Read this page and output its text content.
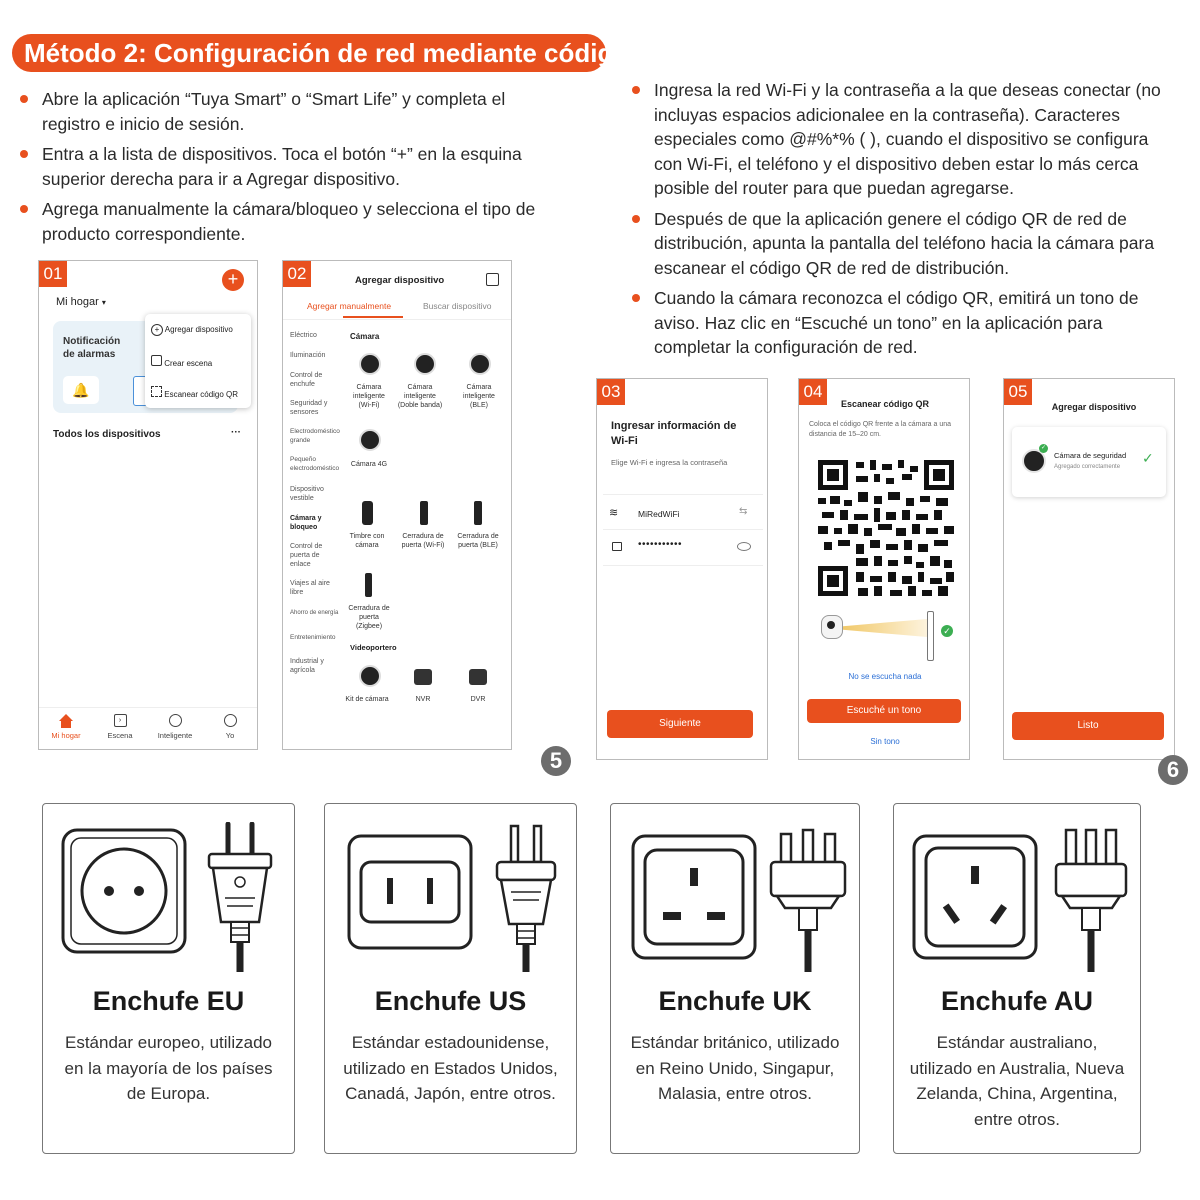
Método 2: Configuración de red mediante código QR
Abre la aplicación “Tuya Smart” o “Smart Life” y completa el registro e inicio de sesión.
Entra a la lista de dispositivos. Toca el botón “+” en la esquina superior derecha para ir a Agregar dispositivo.
Agrega manualmente la cámara/bloqueo y selecciona el tipo de producto correspondiente.
Ingresa la red Wi-Fi y la contraseña a la que deseas conectar (no incluyas espacios adicionalee en la contraseña). Caracteres especiales como @#%*% ( ), cuando el dispositivo se configura con Wi-Fi, el teléfono y el dispositivo deben estar lo más cerca posible del router para que puedan agregarse.
Después de que la aplicación genere el código QR de red de distribución, apunta la pantalla del teléfono hacia la cámara para escanear el código QR de red de distribución.
Cuando la cámara reconozca el código QR, emitirá un tono de aviso. Haz clic en “Escuché un tono” en la aplicación para completar la configuración de red.
01	+
Mi hogar ▾
Notificación de alarmas
🔔
+ Agregar dispositivo
Crear escena
Escanear código QR
Todos los dispositivos	···
Mi hogar
›
Escena	Inteligente	Yo
02	Agregar dispositivo
Agregar manualmente	Buscar dispositivo
Eléctrico
Iluminación
Control de enchufe
Seguridad y sensores
Electrodoméstico grande
Pequeño electrodoméstico
Dispositivo vestible
Cámara y bloqueo
Control de puerta de enlace
Viajes al aire libre
Ahorro de energía
Entretenimiento
Industrial y agrícola
Cámara
Cámara inteligente (Wi-Fi)
Cámara inteligente (Doble banda)
Cámara inteligente (BLE)
Cámara 4G
Timbre con cámara
Cerradura de puerta (Wi-Fi)
Cerradura de puerta (BLE)
Cerradura de puerta (Zigbee)
Videoportero
Kit de cámara	NVR	DVR
5
03
Ingresar información de Wi-Fi
Elige Wi-Fi e ingresa la contraseña
≋ MiRedWiFi	⇆
•••••••••••
Siguiente
04
Escanear código QR
Coloca el código QR frente a la cámara a una distancia de 15–20 cm.
✓
No se escucha nada
Escuché un tono
Sin tono
05
Agregar dispositivo
✓
Cámara de seguridad
Agregado correctamente
✓
Listo
6
Enchufe EU
Estándar europeo, utilizado en la mayoría de los países de Europa.
Enchufe US
Estándar estadounidense, utilizado en Estados Unidos, Canadá, Japón, entre otros.
Enchufe UK
Estándar británico, utilizado en Reino Unido, Singapur, Malasia, entre otros.
Enchufe AU
Estándar australiano, utilizado en Australia, Nueva Zelanda, China, Argentina, entre otros.
